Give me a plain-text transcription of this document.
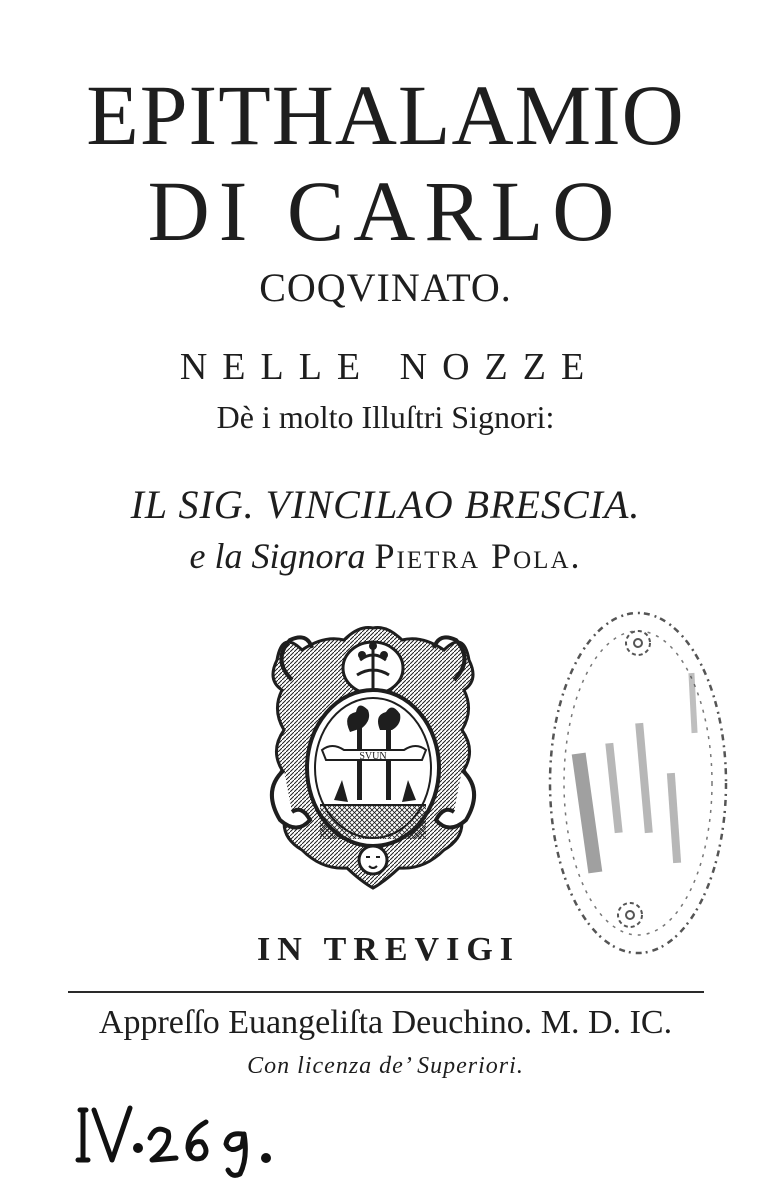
EPITHALAMIO
DI CARLO
COQVINATO.
NELLE NOZZE
Dè i molto Illuſtri Signori:
IL SIG. VINCILAO BRESCIA.
e la Signora Pietra Pola.
SVUN
IN TREVIGI
Appreſſo Euangeliſta Deuchino. M. D. IC.
Con licenza de’ Superiori.
